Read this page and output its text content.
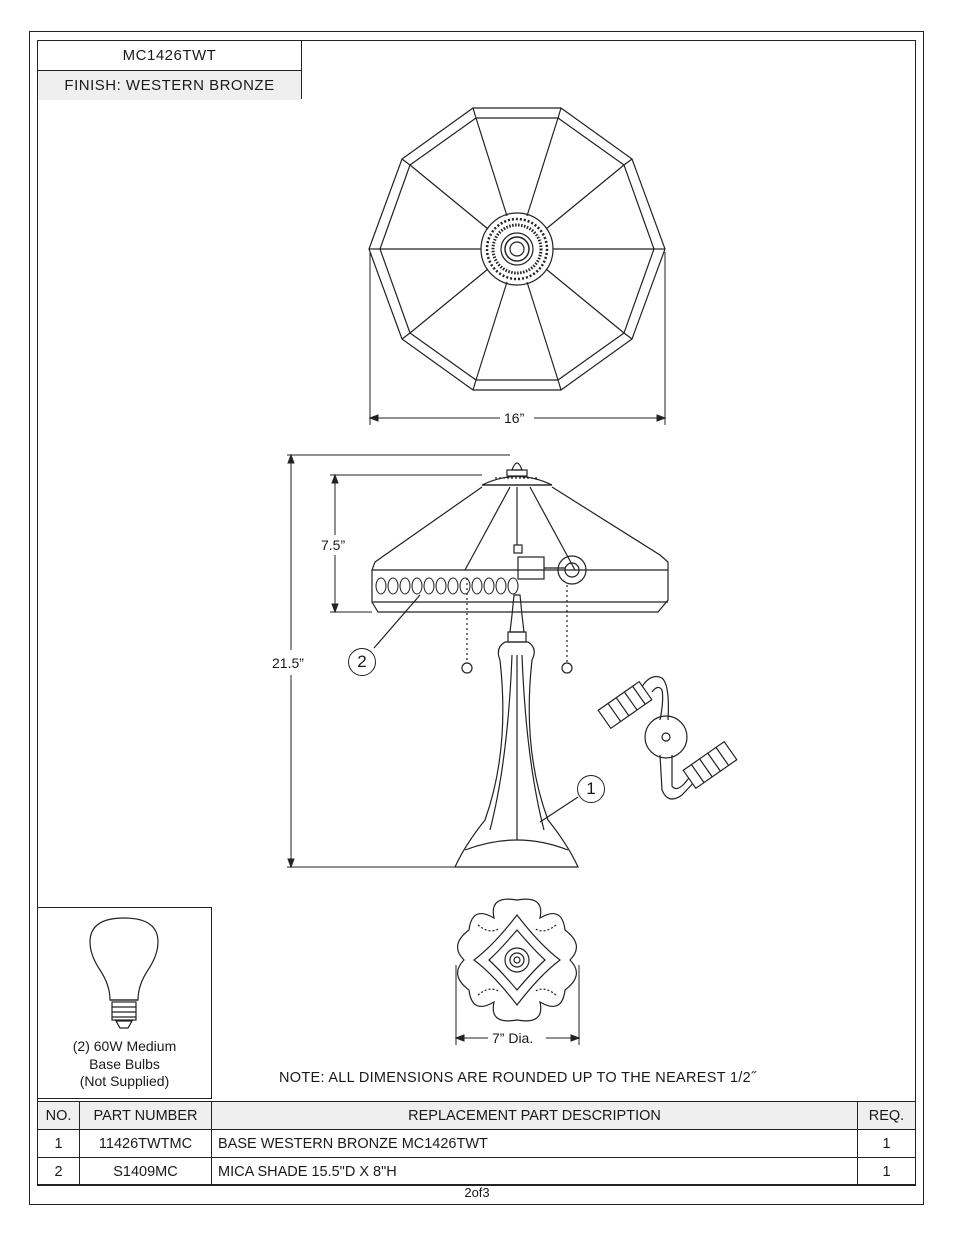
MC1426TWT
FINISH: WESTERN BRONZE
16”
7.5”
21.5”
7” Dia.
2
1
(2) 60W Medium
Base Bulbs
(Not Supplied)	NOTE: ALL DIMENSIONS ARE ROUNDED UP TO THE NEAREST 1/2˝
NO.	PART NUMBER	REPLACEMENT PART DESCRIPTION	REQ.
1	11426TWTMC	BASE WESTERN BRONZE MC1426TWT	1
2	S1409MC	MICA SHADE 15.5"D X 8"H	1
2of3
